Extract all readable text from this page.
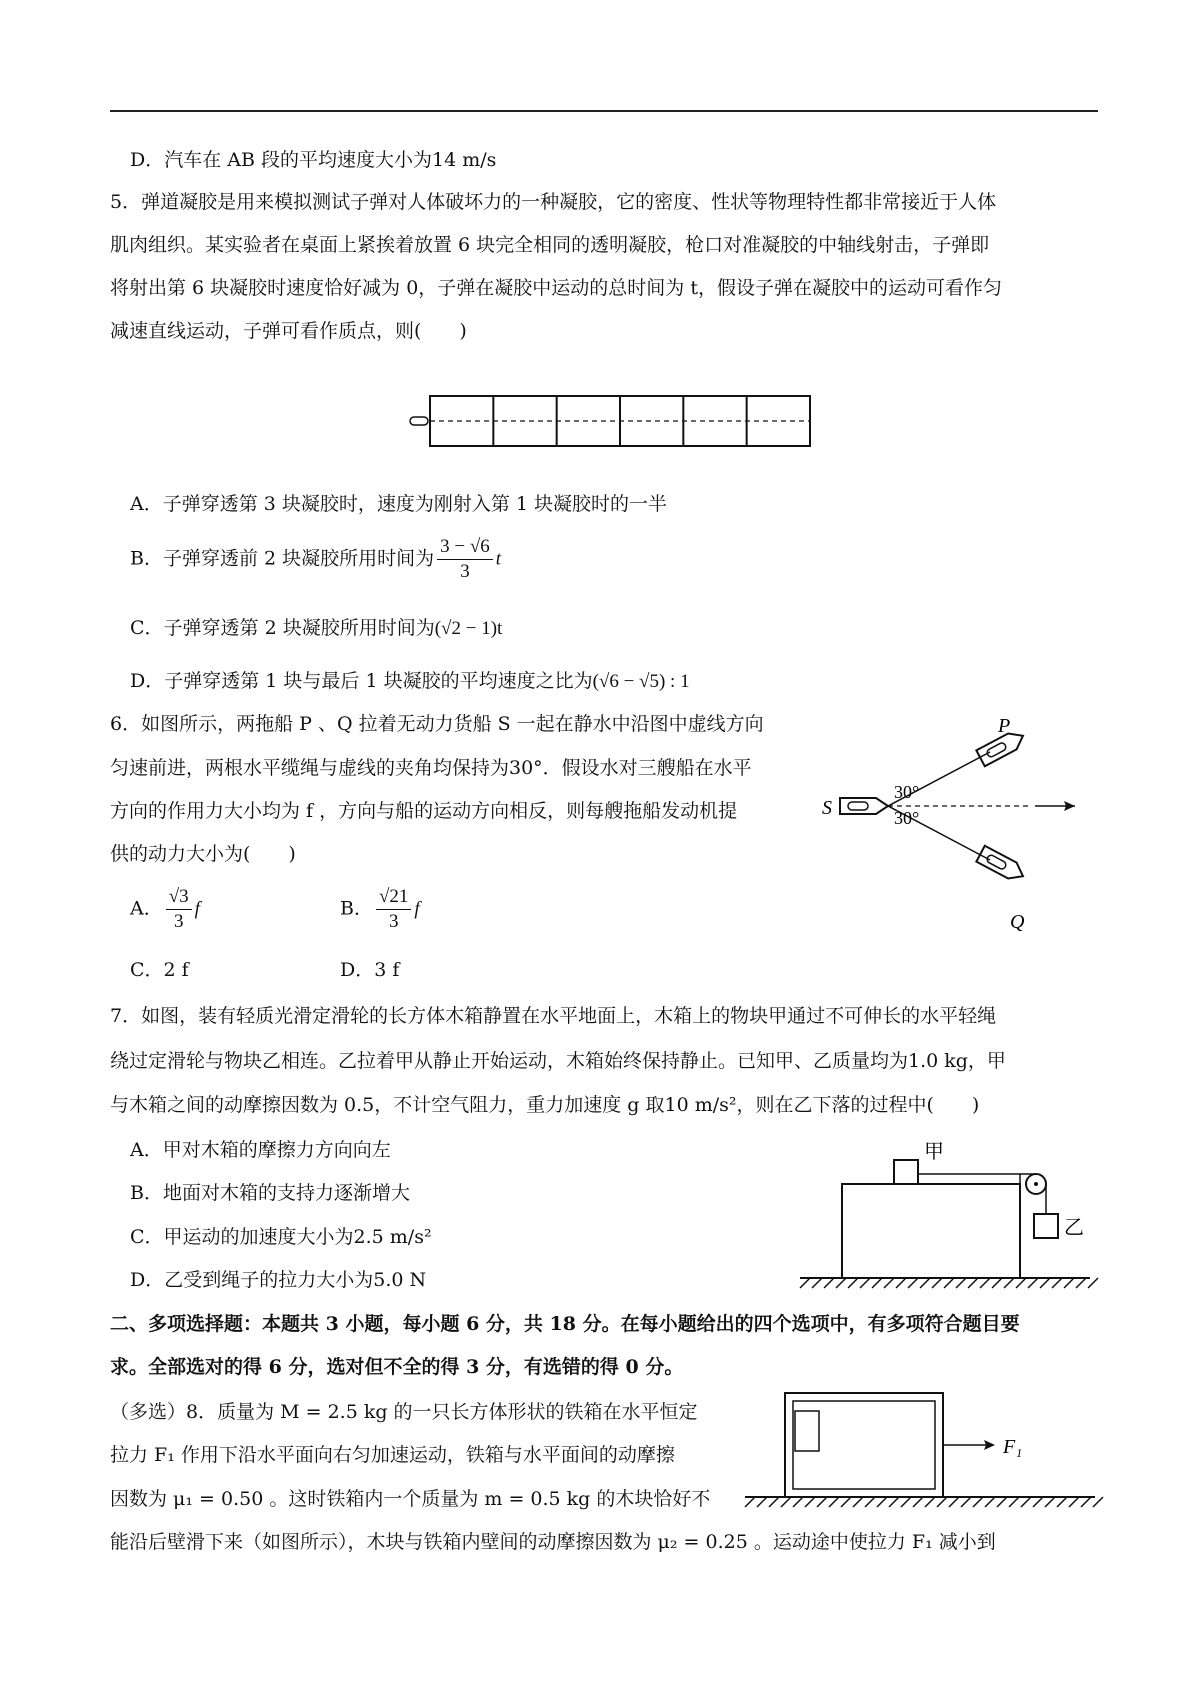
D．汽车在 AB 段的平均速度大小为14 m/s
5．弹道凝胶是用来模拟测试子弹对人体破坏力的一种凝胶，它的密度、性状等物理特性都非常接近于人体
肌肉组织。某实验者在桌面上紧挨着放置 6 块完全相同的透明凝胶，枪口对准凝胶的中轴线射击，子弹即
将射出第 6 块凝胶时速度恰好减为 0，子弹在凝胶中运动的总时间为 t，假设子弹在凝胶中的运动可看作匀
减速直线运动，子弹可看作质点，则(　　)
A．子弹穿透第 3 块凝胶时，速度为刚射入第 1 块凝胶时的一半
B．子弹穿透前 2 块凝胶所用时间为 $\frac{3 - √6}{3}$ t
C．子弹穿透第 2 块凝胶所用时间为(√2 − 1)t
D．子弹穿透第 1 块与最后 1 块凝胶的平均速度之比为(√6 − √5) : 1
6．如图所示，两拖船 P 、Q 拉着无动力货船 S 一起在静水中沿图中虚线方向
匀速前进，两根水平缆绳与虚线的夹角均保持为30°．假设水对三艘船在水平
方向的作用力大小均为 f ，方向与船的运动方向相反，则每艘拖船发动机提
供的动力大小为(　　)
A． $\frac{√3}{3}$ f	B． $\frac{√21}{3}$ f
C．2 f	D．3 f
P
Q
S
30°
30°
7．如图，装有轻质光滑定滑轮的长方体木箱静置在水平地面上，木箱上的物块甲通过不可伸长的水平轻绳
绕过定滑轮与物块乙相连。乙拉着甲从静止开始运动，木箱始终保持静止。已知甲、乙质量均为1.0 kg，甲
与木箱之间的动摩擦因数为 0.5，不计空气阻力，重力加速度 g 取10 m/s²，则在乙下落的过程中(　　)
A．甲对木箱的摩擦力方向向左
B．地面对木箱的支持力逐渐增大
C．甲运动的加速度大小为2.5 m/s²
D．乙受到绳子的拉力大小为5.0 N
甲
乙
二、多项选择题：本题共 3 小题，每小题 6 分，共 18 分。在每小题给出的四个选项中，有多项符合题目要
求。全部选对的得 6 分，选对但不全的得 3 分，有选错的得 0 分。
（多选）8．质量为 M = 2.5 kg 的一只长方体形状的铁箱在水平恒定
拉力 F₁ 作用下沿水平面向右匀加速运动，铁箱与水平面间的动摩擦
因数为 μ₁ = 0.50 。这时铁箱内一个质量为 m = 0.5 kg 的木块恰好不
能沿后壁滑下来（如图所示），木块与铁箱内壁间的动摩擦因数为 μ₂ = 0.25 。运动途中使拉力 F₁ 减小到
F₁
